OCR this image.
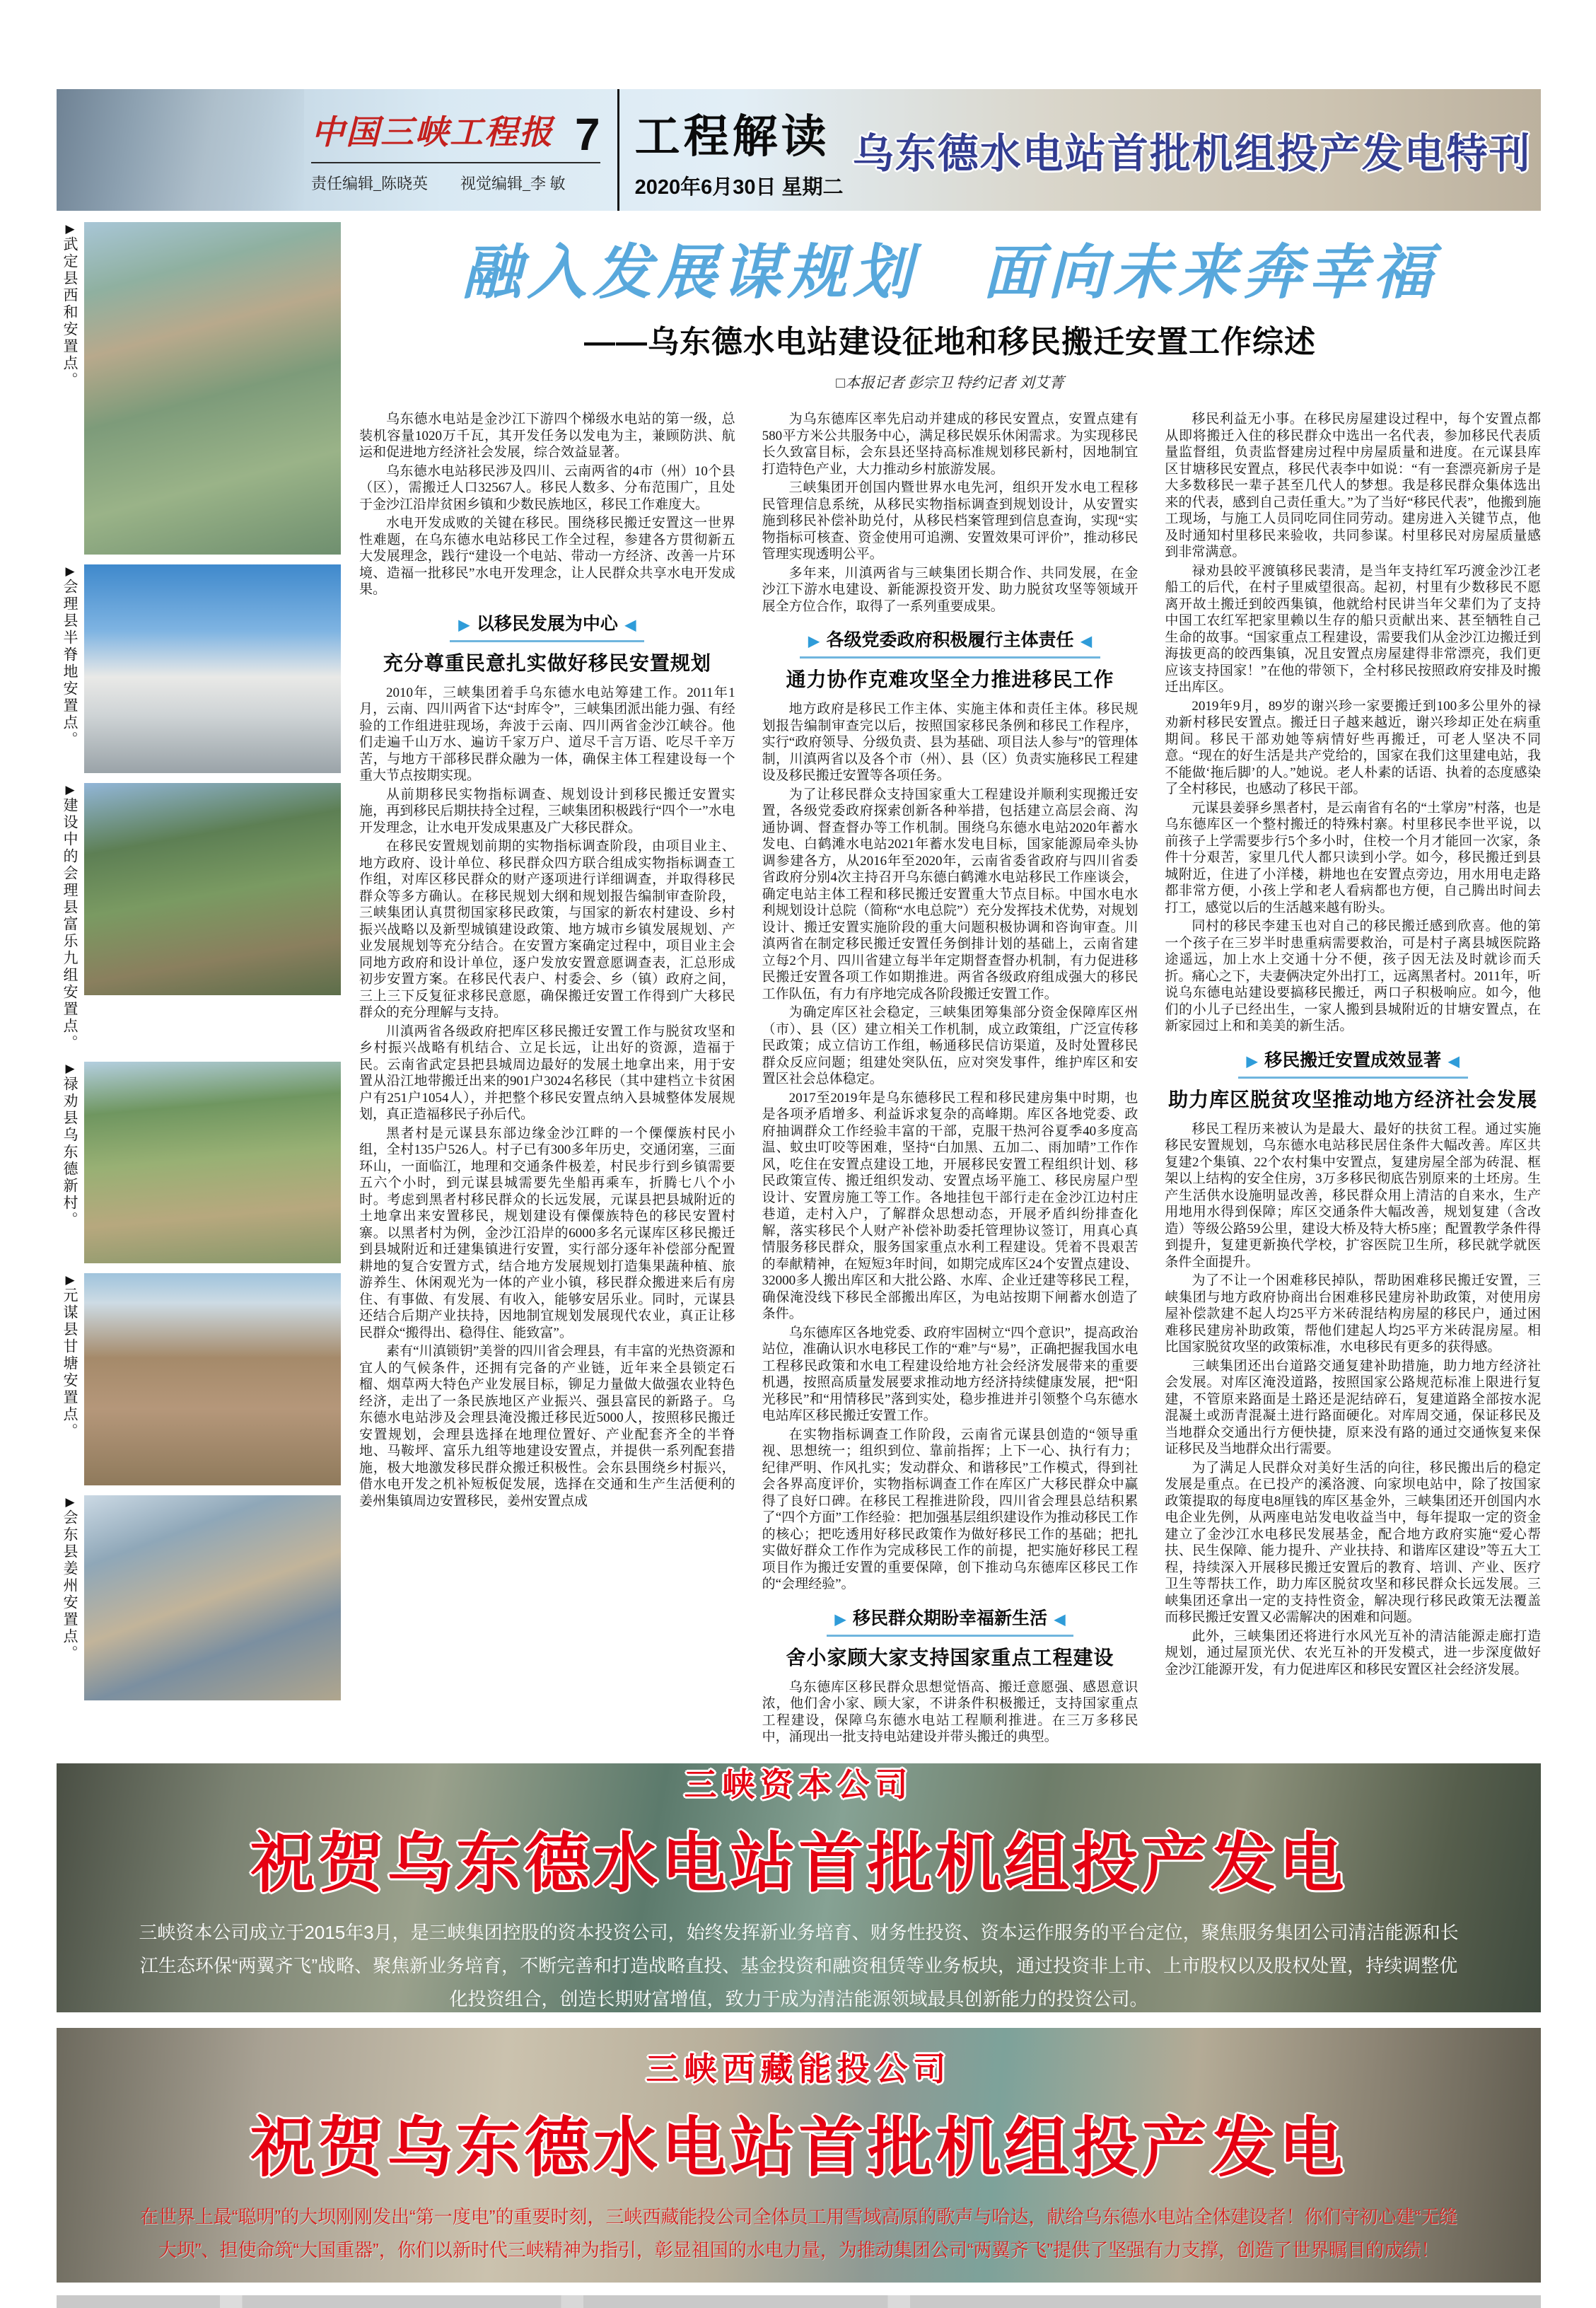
中国三峡工程报 7
责任编辑_陈晓英 视觉编辑_李 敏
工程解读
2020年6月30日 星期二
乌东德水电站首批机组投产发电特刊
▶武定县西和安置点。
▶会理县半脊地安置点。
▶建设中的会理县富乐九组安置点。
▶禄劝县乌东德新村。
▶元谋县甘塘安置点。
▶会东县姜州安置点。
融入发展谋规划　面向未来奔幸福
——乌东德水电站建设征地和移民搬迁安置工作综述
□本报记者 彭宗卫 特约记者 刘艾菁

乌东德水电站是金沙江下游四个梯级水电站的第一级，总装机容量1020万千瓦，其开发任务以发电为主，兼顾防洪、航运和促进地方经济社会发展，综合效益显著。

乌东德水电站移民涉及四川、云南两省的4市（州）10个县（区），需搬迁人口32567人。移民人数多、分布范围广，且处于金沙江沿岸贫困乡镇和少数民族地区，移民工作难度大。

水电开发成败的关键在移民。围绕移民搬迁安置这一世界性难题，在乌东德水电站移民工作全过程，参建各方贯彻新五大发展理念，践行“建设一个电站、带动一方经济、改善一片环境、造福一批移民”水电开发理念，让人民群众共享水电开发成果。

▶ 以移民发展为中心 ◀
充分尊重民意扎实做好移民安置规划

2010年，三峡集团着手乌东德水电站筹建工作。2011年1月，云南、四川两省下达“封库令”，三峡集团派出能力强、有经验的工作组进驻现场，奔波于云南、四川两省金沙江峡谷。他们走遍千山万水、遍访千家万户、道尽千言万语、吃尽千辛万苦，与地方干部移民群众融为一体，确保主体工程建设每一个重大节点按期实现。

从前期移民实物指标调查、规划设计到移民搬迁安置实施，再到移民后期扶持全过程，三峡集团积极践行“四个一”水电开发理念，让水电开发成果惠及广大移民群众。

在移民安置规划前期的实物指标调查阶段，由项目业主、地方政府、设计单位、移民群众四方联合组成实物指标调查工作组，对库区移民群众的财产逐项进行详细调查，并取得移民群众等多方确认。在移民规划大纲和规划报告编制审查阶段，三峡集团认真贯彻国家移民政策，与国家的新农村建设、乡村振兴战略以及新型城镇建设政策、地方城市乡镇发展规划、产业发展规划等充分结合。在安置方案确定过程中，项目业主会同地方政府和设计单位，逐户发放安置意愿调查表，汇总形成初步安置方案。在移民代表户、村委会、乡（镇）政府之间，三上三下反复征求移民意愿，确保搬迁安置工作得到广大移民群众的充分理解与支持。

川滇两省各级政府把库区移民搬迁安置工作与脱贫攻坚和乡村振兴战略有机结合、立足长远，让出好的资源，造福于民。云南省武定县把县城周边最好的发展土地拿出来，用于安置从沿江地带搬迁出来的901户3024名移民（其中建档立卡贫困户有251户1054人），并把整个移民安置点纳入县城整体发展规划，真正造福移民子孙后代。

黑者村是元谋县东部边缘金沙江畔的一个傈僳族村民小组，全村135户526人。村子已有300多年历史，交通闭塞，三面环山，一面临江，地理和交通条件极差，村民步行到乡镇需要五六个小时，到元谋县城需要先坐船再乘车，折腾七八个小时。考虑到黑者村移民群众的长远发展，元谋县把县城附近的土地拿出来安置移民，规划建设有傈僳族特色的移民安置村寨。以黑者村为例，金沙江沿岸的6000多名元谋库区移民搬迁到县城附近和迁建集镇进行安置，实行部分逐年补偿部分配置耕地的复合安置方式，结合地方发展规划打造集果蔬种植、旅游养生、休闲观光为一体的产业小镇，移民群众搬进来后有房住、有事做、有发展、有收入，能够安居乐业。同时，元谋县还结合后期产业扶持，因地制宜规划发展现代农业，真正让移民群众“搬得出、稳得住、能致富”。

素有“川滇锁钥”美誉的四川省会理县，有丰富的光热资源和宜人的气候条件，还拥有完备的产业链，近年来全县锁定石榴、烟草两大特色产业发展目标，铆足力量做大做强农业特色经济，走出了一条民族地区产业振兴、强县富民的新路子。乌东德水电站涉及会理县淹没搬迁移民近5000人，按照移民搬迁安置规划，会理县选择在地理位置好、产业配套齐全的半脊地、马鞍坪、富乐九组等地建设安置点，并提供一系列配套措施，极大地激发移民群众搬迁积极性。会东县围绕乡村振兴，借水电开发之机补短板促发展，选择在交通和生产生活便利的姜州集镇周边安置移民，姜州安置点成

为乌东德库区率先启动并建成的移民安置点，安置点建有580平方米公共服务中心，满足移民娱乐休闲需求。为实现移民长久致富目标，会东县还坚持高标准规划移民新村，因地制宜打造特色产业，大力推动乡村旅游发展。

三峡集团开创国内暨世界水电先河，组织开发水电工程移民管理信息系统，从移民实物指标调查到规划设计，从安置实施到移民补偿补助兑付，从移民档案管理到信息查询，实现“实物指标可核查、资金使用可追溯、安置效果可评价”，推动移民管理实现透明公平。

多年来，川滇两省与三峡集团长期合作、共同发展，在金沙江下游水电建设、新能源投资开发、助力脱贫攻坚等领域开展全方位合作，取得了一系列重要成果。

▶ 各级党委政府积极履行主体责任 ◀
通力协作克难攻坚全力推进移民工作

地方政府是移民工作主体、实施主体和责任主体。移民规划报告编制审查完以后，按照国家移民条例和移民工作程序，实行“政府领导、分级负责、县为基础、项目法人参与”的管理体制，川滇两省以及各个市（州）、县（区）负责实施移民工程建设及移民搬迁安置等各项任务。

为了让移民群众支持国家重大工程建设并顺利实现搬迁安置，各级党委政府探索创新各种举措，包括建立高层会商、沟通协调、督查督办等工作机制。围绕乌东德水电站2020年蓄水发电、白鹤滩水电站2021年蓄水发电目标，国家能源局牵头协调参建各方，从2016年至2020年，云南省委省政府与四川省委省政府分别4次主持召开乌东德白鹤滩水电站移民工作座谈会，确定电站主体工程和移民搬迁安置重大节点目标。中国水电水利规划设计总院（简称“水电总院”）充分发挥技术优势，对规划设计、搬迁安置实施阶段的重大问题积极协调和咨询审查。川滇两省在制定移民搬迁安置任务倒排计划的基础上，云南省建立每2个月、四川省建立每半年定期督查督办机制，有力促进移民搬迁安置各项工作如期推进。两省各级政府组成强大的移民工作队伍，有力有序地完成各阶段搬迁安置工作。

为确定库区社会稳定，三峡集团筹集部分资金保障库区州（市）、县（区）建立相关工作机制，成立政策组，广泛宣传移民政策；成立信访工作组，畅通移民信访渠道，及时处置移民群众反应问题；组建处突队伍，应对突发事件，维护库区和安置区社会总体稳定。

2017至2019年是乌东德移民工程和移民建房集中时期，也是各项矛盾增多、利益诉求复杂的高峰期。库区各地党委、政府抽调群众工作经验丰富的干部，克服干热河谷夏季40多度高温、蚊虫叮咬等困难，坚持“白加黑、五加二、雨加晴”工作作风，吃住在安置点建设工地，开展移民安置工程组织计划、移民政策宣传、搬迁组织发动、安置点场平施工、移民房屋户型设计、安置房施工等工作。各地挂包干部行走在金沙江边村庄巷道，走村入户，了解群众思想动态，开展矛盾纠纷排查化解，落实移民个人财产补偿补助委托管理协议签订，用真心真情服务移民群众，服务国家重点水利工程建设。凭着不畏艰苦的奉献精神，在短短3年时间，如期完成库区24个安置点建设、32000多人搬出库区和大批公路、水库、企业迁建等移民工程，确保淹没线下移民全部搬出库区，为电站按期下闸蓄水创造了条件。

乌东德库区各地党委、政府牢固树立“四个意识”，提高政治站位，准确认识水电移民工作的“难”与“易”，正确把握我国水电工程移民政策和水电工程建设给地方社会经济发展带来的重要机遇，按照高质量发展要求推动地方经济持续健康发展，把“阳光移民”和“用情移民”落到实处，稳步推进并引领整个乌东德水电站库区移民搬迁安置工作。

在实物指标调查工作阶段，云南省元谋县创造的“领导重视、思想统一；组织到位、靠前指挥；上下一心、执行有力；纪律严明、作风扎实；发动群众、和谐移民”工作模式，得到社会各界高度评价，实物指标调查工作在库区广大移民群众中赢得了良好口碑。在移民工程推进阶段，四川省会理县总结积累了“四个方面”工作经验：把加强基层组织建设作为推动移民工作的核心；把吃透用好移民政策作为做好移民工作的基础；把扎实做好群众工作作为完成移民工作的前提，把实施好移民工程项目作为搬迁安置的重要保障，创下推动乌东德库区移民工作的“会理经验”。

▶ 移民群众期盼幸福新生活 ◀
舍小家顾大家支持国家重点工程建设

乌东德库区移民群众思想觉悟高、搬迁意愿强、感恩意识浓，他们舍小家、顾大家，不讲条件积极搬迁，支持国家重点工程建设，保障乌东德水电站工程顺利推进。在三万多移民中，涌现出一批支持电站建设并带头搬迁的典型。

移民利益无小事。在移民房屋建设过程中，每个安置点都从即将搬迁入住的移民群众中选出一名代表，参加移民代表质量监督组，负责监督建房过程中房屋质量和进度。在元谋县库区甘塘移民安置点，移民代表李中如说：“有一套漂亮新房子是大多数移民一辈子甚至几代人的梦想。我是移民群众集体选出来的代表，感到自己责任重大。”为了当好“移民代表”，他搬到施工现场，与施工人员同吃同住同劳动。建房进入关键节点，他及时通知村里移民来验收，共同参谋。村里移民对房屋质量感到非常满意。

禄劝县皎平渡镇移民裴清，是当年支持红军巧渡金沙江老船工的后代，在村子里威望很高。起初，村里有少数移民不愿离开故土搬迁到皎西集镇，他就给村民讲当年父辈们为了支持中国工农红军把家里赖以生存的船只贡献出来、甚至牺牲自己生命的故事。“国家重点工程建设，需要我们从金沙江边搬迁到海拔更高的皎西集镇，况且安置点房屋建得非常漂亮，我们更应该支持国家！”在他的带领下，全村移民按照政府安排及时搬迁出库区。

2019年9月，89岁的谢兴珍一家要搬迁到100多公里外的禄劝新村移民安置点。搬迁日子越来越近，谢兴珍却正处在病重期间。移民干部劝她等病情好些再搬迁，可老人坚决不同意。“现在的好生活是共产党给的，国家在我们这里建电站，我不能做‘拖后脚’的人。”她说。老人朴素的话语、执着的态度感染了全村移民，也感动了移民干部。

元谋县姜驿乡黑者村，是云南省有名的“土掌房”村落，也是乌东德库区一个整村搬迁的特殊村寨。村里移民李世平说，以前孩子上学需要步行5个多小时，住校一个月才能回一次家，条件十分艰苦，家里几代人都只读到小学。如今，移民搬迁到县城附近，住进了小洋楼，耕地也在安置点旁边，用水用电走路都非常方便，小孩上学和老人看病都也方便，自己腾出时间去打工，感觉以后的生活越来越有盼头。

同村的移民李建玉也对自己的移民搬迁感到欣喜。他的第一个孩子在三岁半时患重病需要救治，可是村子离县城医院路途遥远，加上水上交通十分不便，孩子因无法及时就诊而夭折。痛心之下，夫妻俩决定外出打工，远离黑者村。2011年，听说乌东德电站建设要搞移民搬迁，两口子积极响应。如今，他们的小儿子已经出生，一家人搬到县城附近的甘塘安置点，在新家园过上和和美美的新生活。

▶ 移民搬迁安置成效显著 ◀
助力库区脱贫攻坚推动地方经济社会发展

移民工程历来被认为是最大、最好的扶贫工程。通过实施移民安置规划，乌东德水电站移民居住条件大幅改善。库区共复建2个集镇、22个农村集中安置点，复建房屋全部为砖混、框架以上结构的安全住房，3万多移民彻底告别原来的土坯房。生产生活供水设施明显改善，移民群众用上清洁的自来水，生产用地用水得到保障；库区交通条件大幅改善，规划复建（含改造）等级公路59公里，建设大桥及特大桥5座；配置教学条件得到提升，复建更新换代学校，扩容医院卫生所，移民就学就医条件全面提升。

为了不让一个困难移民掉队，帮助困难移民搬迁安置，三峡集团与地方政府协商出台困难移民建房补助政策，对使用房屋补偿款建不起人均25平方米砖混结构房屋的移民户，通过困难移民建房补助政策，帮他们建起人均25平方米砖混房屋。相比国家脱贫攻坚的政策标准，水电移民有更多的获得感。

三峡集团还出台道路交通复建补助措施，助力地方经济社会发展。对库区淹没道路，按照国家公路规范标准上限进行复建，不管原来路面是土路还是泥结碎石，复建道路全部按水泥混凝土或沥青混凝土进行路面硬化。对库周交通，保证移民及当地群众交通出行方便快捷，原来没有路的通过交通恢复来保证移民及当地群众出行需要。

为了满足人民群众对美好生活的向往，移民搬出后的稳定发展是重点。在已投产的溪洛渡、向家坝电站中，除了按国家政策提取的每度电8厘钱的库区基金外，三峡集团还开创国内水电企业先例，从两座电站发电收益当中，每年提取一定的资金建立了金沙江水电移民发展基金，配合地方政府实施“爱心帮扶、民生保障、能力提升、产业扶持、和谐库区建设”等五大工程，持续深入开展移民搬迁安置后的教育、培训、产业、医疗卫生等帮扶工作，助力库区脱贫攻坚和移民群众长远发展。三峡集团还拿出一定的支持性资金，解决现行移民政策无法覆盖而移民搬迁安置又必需解决的困难和问题。

此外，三峡集团还将进行水风光互补的清洁能源走廊打造规划，通过屋顶光伏、农光互补的开发模式，进一步深度做好金沙江能源开发，有力促进库区和移民安置区社会经济发展。

三峡资本公司
祝贺乌东德水电站首批机组投产发电

三峡资本公司成立于2015年3月，是三峡集团控股的资本投资公司，始终发挥新业务培育、财务性投资、资本运作服务的平台定位，聚焦服务集团公司清洁能源和长江生态环保“两翼齐飞”战略、聚焦新业务培育，不断完善和打造战略直投、基金投资和融资租赁等业务板块，通过投资非上市、上市股权以及股权处置，持续调整优化投资组合，创造长期财富增值，致力于成为清洁能源领域最具创新能力的投资公司。

三峡西藏能投公司
祝贺乌东德水电站首批机组投产发电

在世界上最“聪明”的大坝刚刚发出“第一度电”的重要时刻，三峡西藏能投公司全体员工用雪域高原的歌声与哈达，献给乌东德水电站全体建设者！你们守初心建“无缝大坝”、担使命筑“大国重器”，你们以新时代三峡精神为指引，彰显祖国的水电力量，为推动集团公司“两翼齐飞”提供了坚强有力支撑，创造了世界瞩目的成绩！
